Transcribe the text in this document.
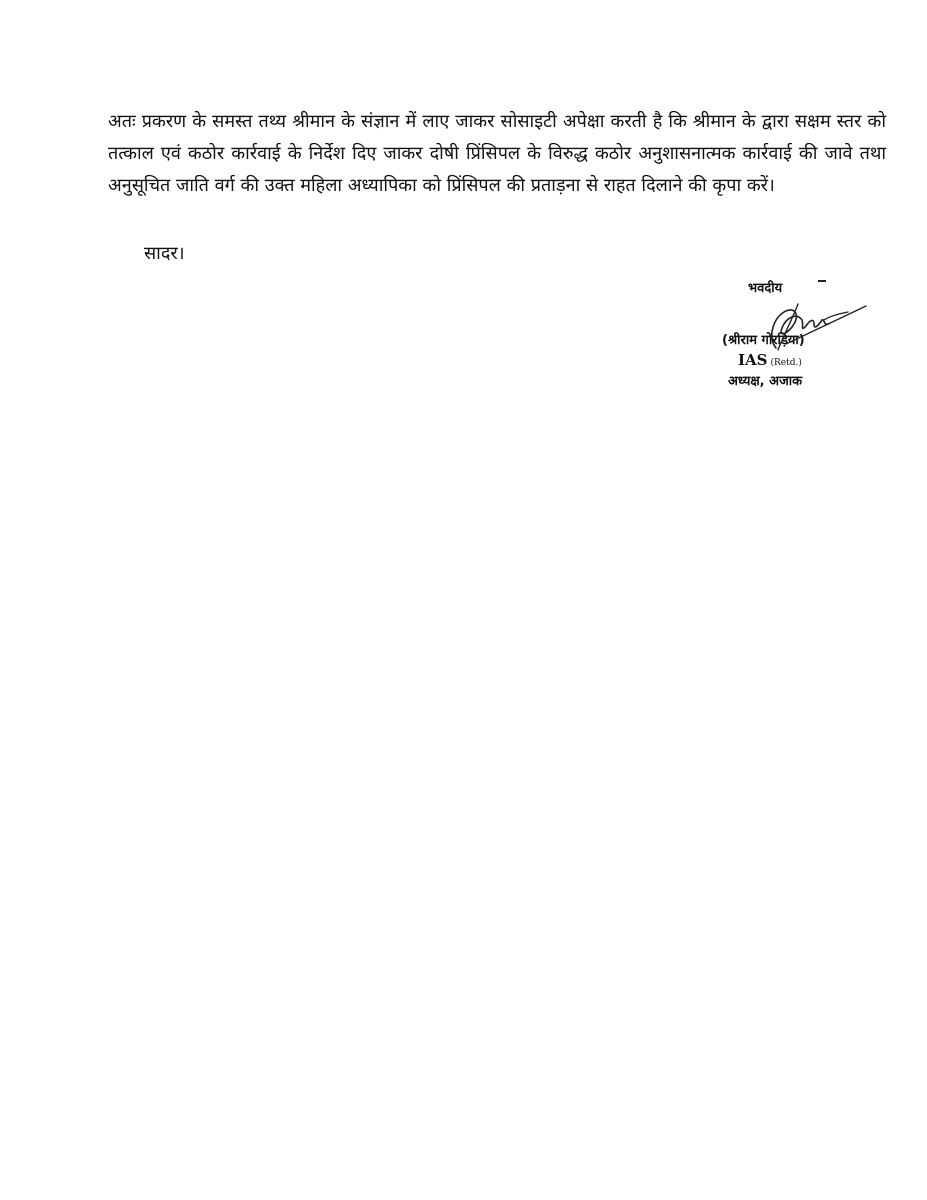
अतः प्रकरण के समस्त तथ्य श्रीमान के संज्ञान में लाए जाकर सोसाइटी अपेक्षा करती है कि श्रीमान के द्वारा सक्षम स्तर को तत्काल एवं कठोर कार्रवाई के निर्देश दिए जाकर दोषी प्रिंसिपल के विरुद्ध कठोर अनुशासनात्मक कार्रवाई की जावे तथा अनुसूचित जाति वर्ग की उक्त महिला अध्यापिका को प्रिंसिपल की प्रताड़ना से राहत दिलाने की कृपा करें।

सादर।

भवदीय
(श्रीराम गोरड़िया)
IAS (Retd.)
अध्यक्ष, अजाक
